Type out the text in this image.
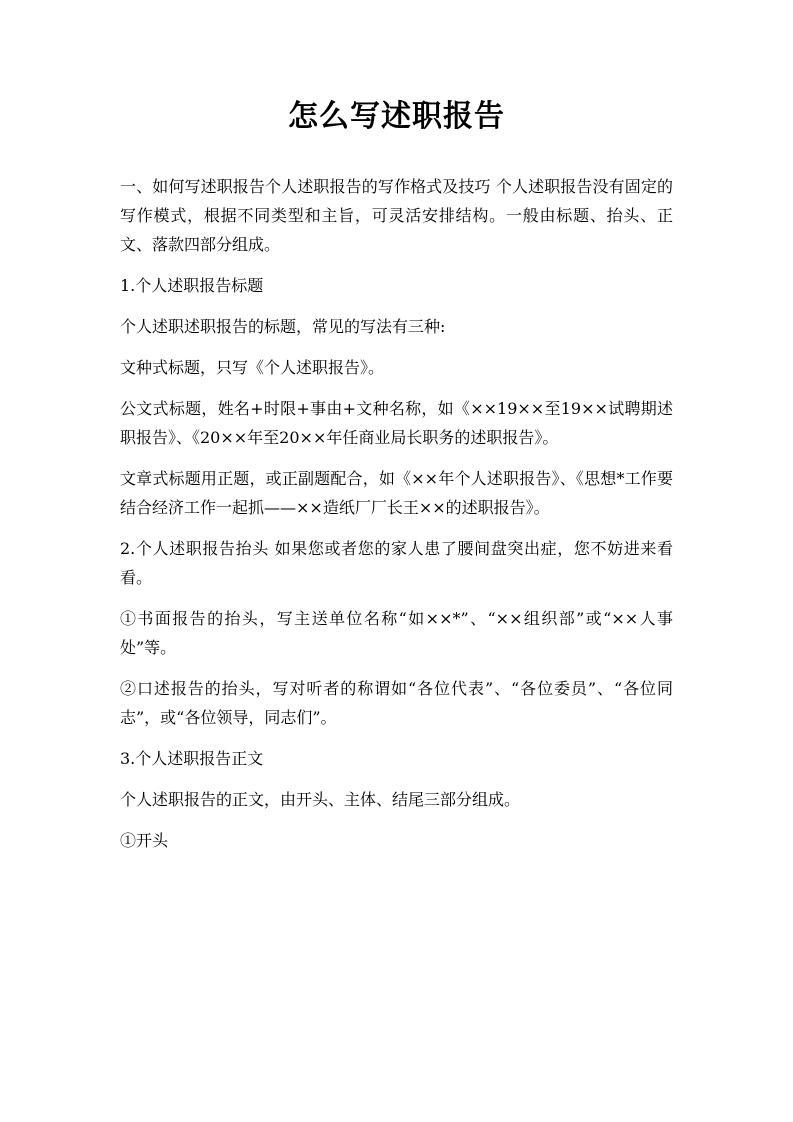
怎么写述职报告

一、如何写述职报告个人述职报告的写作格式及技巧 个人述职报告没有固定的写作模式，根据不同类型和主旨，可灵活安排结构。一般由标题、抬头、正文、落款四部分组成。

1.个人述职报告标题

个人述职述职报告的标题，常见的写法有三种:

文种式标题，只写《个人述职报告》。

公文式标题，姓名+时限+事由+文种名称，如《××19××至19××试聘期述职报告》、《20××年至20××年任商业局长职务的述职报告》。

文章式标题用正题，或正副题配合，如《××年个人述职报告》、《思想*工作要结合经济工作一起抓——××造纸厂厂长王××的述职报告》。

2.个人述职报告抬头 如果您或者您的家人患了腰间盘突出症，您不妨进来看看。

①书面报告的抬头，写主送单位名称“如××*”、“××组织部”或“××人事处”等。

②口述报告的抬头，写对听者的称谓如“各位代表”、“各位委员”、“各位同志”，或“各位领导，同志们”。

3.个人述职报告正文

个人述职报告的正文，由开头、主体、结尾三部分组成。

①开头
